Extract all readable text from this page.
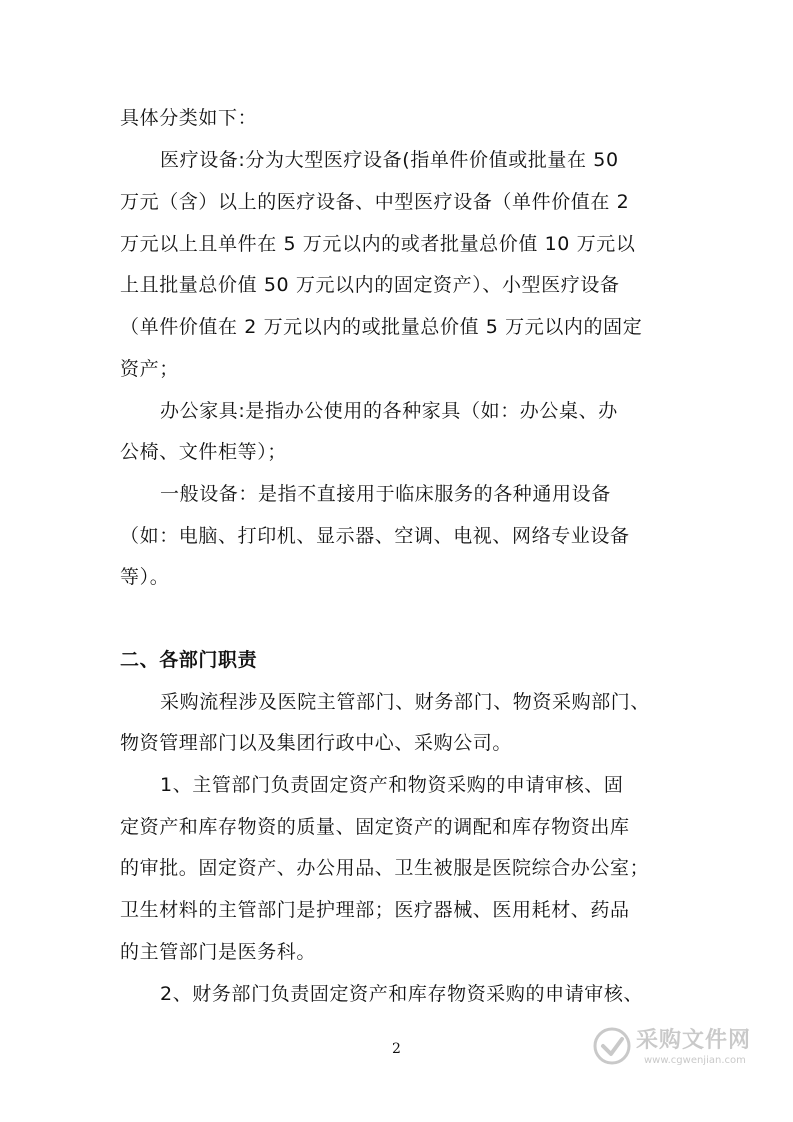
具体分类如下：
医疗设备:分为大型医疗设备(指单件价值或批量在 50
万元（含）以上的医疗设备、中型医疗设备（单件价值在 2
万元以上且单件在 5 万元以内的或者批量总价值 10 万元以
上且批量总价值 50 万元以内的固定资产）、小型医疗设备
（单件价值在 2 万元以内的或批量总价值 5 万元以内的固定
资产；
办公家具:是指办公使用的各种家具（如：办公桌、办
公椅、文件柜等）；
一般设备：是指不直接用于临床服务的各种通用设备
（如：电脑、打印机、显示器、空调、电视、网络专业设备
等）。
二、各部门职责
采购流程涉及医院主管部门、财务部门、物资采购部门、
物资管理部门以及集团行政中心、采购公司。
1、主管部门负责固定资产和物资采购的申请审核、固
定资产和库存物资的质量、固定资产的调配和库存物资出库
的审批。固定资产、办公用品、卫生被服是医院综合办公室；
卫生材料的主管部门是护理部；医疗器械、医用耗材、药品
的主管部门是医务科。
2、财务部门负责固定资产和库存物资采购的申请审核、
2	采购文件网
www.cgwenjian.com
